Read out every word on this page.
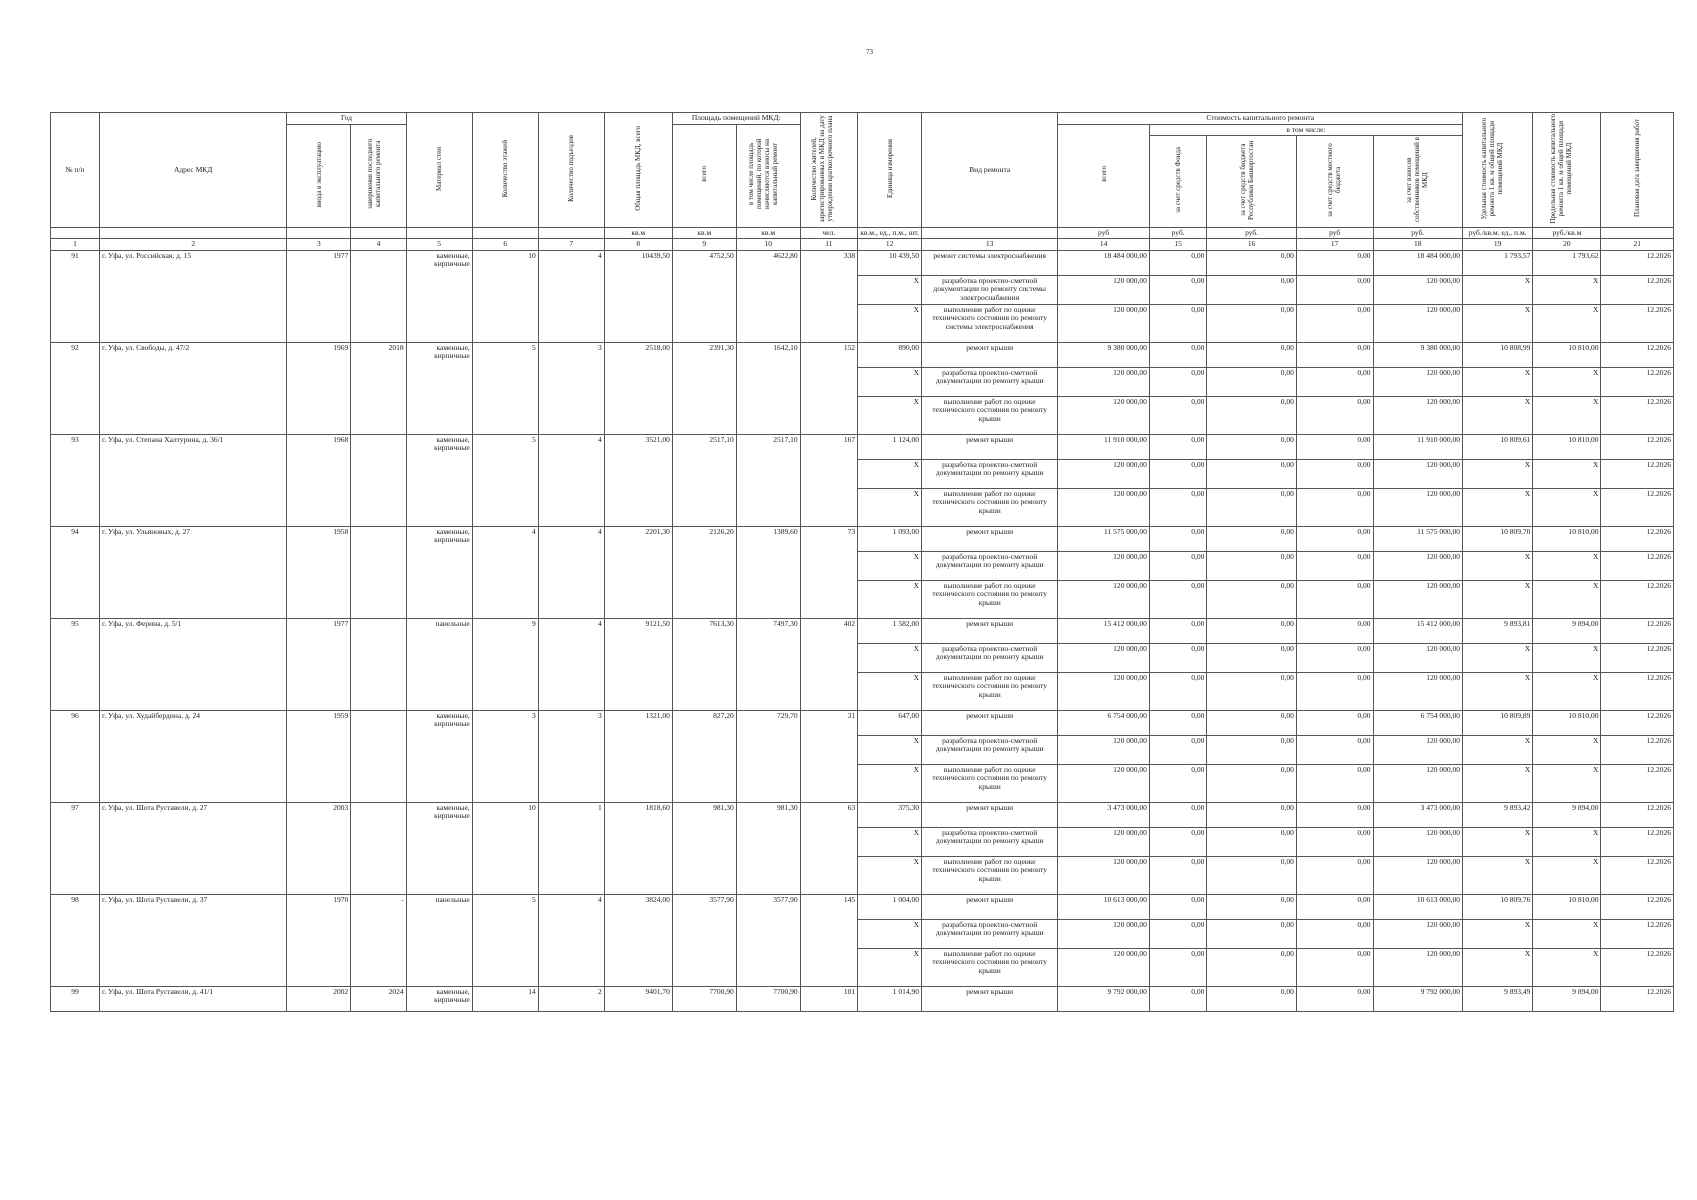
73
№ п/п	Адрес МКД	Год		Материал стен	Количество этажей	Количество подъездов	Общая площадь МКД, всего	Площадь помещений МКД:		Количество жителей, зарегистрированных в МКД на дату утверждения краткосрочного плана	Единица измерения	Вид ремонта	Стоимость капитального ремонта					Удельная стоимость капитального ремонта 1 кв. м общей площади помещений МКД	Предельная стоимость капитального ремонта 1 кв. м общей площади помещений МКД	Плановая дата завершения работ
		ввода в эксплуатацию	завершения последнего капитального ремонта					всего	в том числе площадь помещений, по которой начисляются взносы на капитальный ремонт				всего	в том числе:						
														за счет средств Фонда	за счет средств бюджета Республики Башкортостан	за счет средств местного бюджета	за счет взносов собственников помещений в МКД			
							кв.м	кв.м	кв.м	чел.	кв.м., ед., п.м., шт.		руб	руб.	руб.	руб	руб.	руб./кв.м. ед., п.м.	руб./кв.м	
1	2	3	4	5	6	7	8	9	10	11	12	13	14	15	16	17	18	19	20	21
91	г. Уфа, ул. Российская, д. 15	1977		каменные, кирпичные	10	4	10439,50	4752,50	4622,80	338	10 439,50	ремонт системы электроснабжения	18 484 000,00	0,00	0,00	0,00	18 484 000,00	1 793,57	1 793,62	12.2026
											X	разработка проектно-сметной документации по ремонту системы электроснабжения	120 000,00	0,00	0,00	0,00	120 000,00	X	X	12.2026
											X	выполнение работ по оценке технического состояния по ремонту системы электроснабжения	120 000,00	0,00	0,00	0,00	120 000,00	X	X	12.2026
92	г. Уфа, ул. Свободы, д. 47/2	1969	2018	каменные, кирпичные	5	3	2518,00	2391,30	1642,10	152	890,00	ремонт крыши	9 380 000,00	0,00	0,00	0,00	9 380 000,00	10 808,99	10 810,00	12.2026
											X	разработка проектно-сметной документации по ремонту крыши	120 000,00	0,00	0,00	0,00	120 000,00	X	X	12.2026
											X	выполнение работ по оценке технического состояния по ремонту крыши	120 000,00	0,00	0,00	0,00	120 000,00	X	X	12.2026
93	г. Уфа, ул. Степана Халтурина, д. 36/1	1968		каменные, кирпичные	5	4	3521,00	2517,10	2517,10	167	1 124,00	ремонт крыши	11 910 000,00	0,00	0,00	0,00	11 910 000,00	10 809,61	10 810,00	12.2026
											X	разработка проектно-сметной документации по ремонту крыши	120 000,00	0,00	0,00	0,00	120 000,00	X	X	12.2026
											X	выполнение работ по оценке технического состояния по ремонту крыши	120 000,00	0,00	0,00	0,00	120 000,00	X	X	12.2026
94	г. Уфа, ул. Ульяновых, д. 27	1958		каменные, кирпичные	4	4	2201,30	2126,20	1389,60	73	1 093,00	ремонт крыши	11 575 000,00	0,00	0,00	0,00	11 575 000,00	10 809,70	10 810,00	12.2026
											X	разработка проектно-сметной документации по ремонту крыши	120 000,00	0,00	0,00	0,00	120 000,00	X	X	12.2026
											X	выполнение работ по оценке технического состояния по ремонту крыши	120 000,00	0,00	0,00	0,00	120 000,00	X	X	12.2026
95	г. Уфа, ул. Ферина, д. 5/1	1977		панельные	9	4	9121,50	7613,30	7497,30	402	1 582,00	ремонт крыши	15 412 000,00	0,00	0,00	0,00	15 412 000,00	9 893,81	9 894,00	12.2026
											X	разработка проектно-сметной документации по ремонту крыши	120 000,00	0,00	0,00	0,00	120 000,00	X	X	12.2026
											X	выполнение работ по оценке технического состояния по ремонту крыши	120 000,00	0,00	0,00	0,00	120 000,00	X	X	12.2026
96	г. Уфа, ул. Худайбердина, д. 24	1959		каменные, кирпичные	3	3	1321,00	827,20	729,70	31	647,00	ремонт крыши	6 754 000,00	0,00	0,00	0,00	6 754 000,00	10 809,89	10 810,00	12.2026
											X	разработка проектно-сметной документации по ремонту крыши	120 000,00	0,00	0,00	0,00	120 000,00	X	X	12.2026
											X	выполнение работ по оценке технического состояния по ремонту крыши	120 000,00	0,00	0,00	0,00	120 000,00	X	X	12.2026
97	г. Уфа, ул. Шота Руставели, д. 27	2003		каменные, кирпичные	10	1	1818,60	981,30	981,30	63	375,30	ремонт крыши	3 473 000,00	0,00	0,00	0,00	3 473 000,00	9 893,42	9 894,00	12.2026
											X	разработка проектно-сметной документации по ремонту крыши	120 000,00	0,00	0,00	0,00	120 000,00	X	X	12.2026
											X	выполнение работ по оценке технического состояния по ремонту крыши	120 000,00	0,00	0,00	0,00	120 000,00	X	X	12.2026
98	г. Уфа, ул. Шота Руставели, д. 37	1970	-	панельные	5	4	3824,00	3577,90	3577,90	145	1 004,00	ремонт крыши	10 613 000,00	0,00	0,00	0,00	10 613 000,00	10 809,76	10 810,00	12.2026
											X	разработка проектно-сметной документации по ремонту крыши	120 000,00	0,00	0,00	0,00	120 000,00	X	X	12.2026
											X	выполнение работ по оценке технического состояния по ремонту крыши	120 000,00	0,00	0,00	0,00	120 000,00	X	X	12.2026
99	г. Уфа, ул. Шота Руставели, д. 41/1	2002	2024	каменные, кирпичные	14	2	9401,70	7700,90	7700,90	101	1 014,90	ремонт крыши	9 792 000,00	0,00	0,00	0,00	9 792 000,00	9 893,49	9 894,00	12.2026
